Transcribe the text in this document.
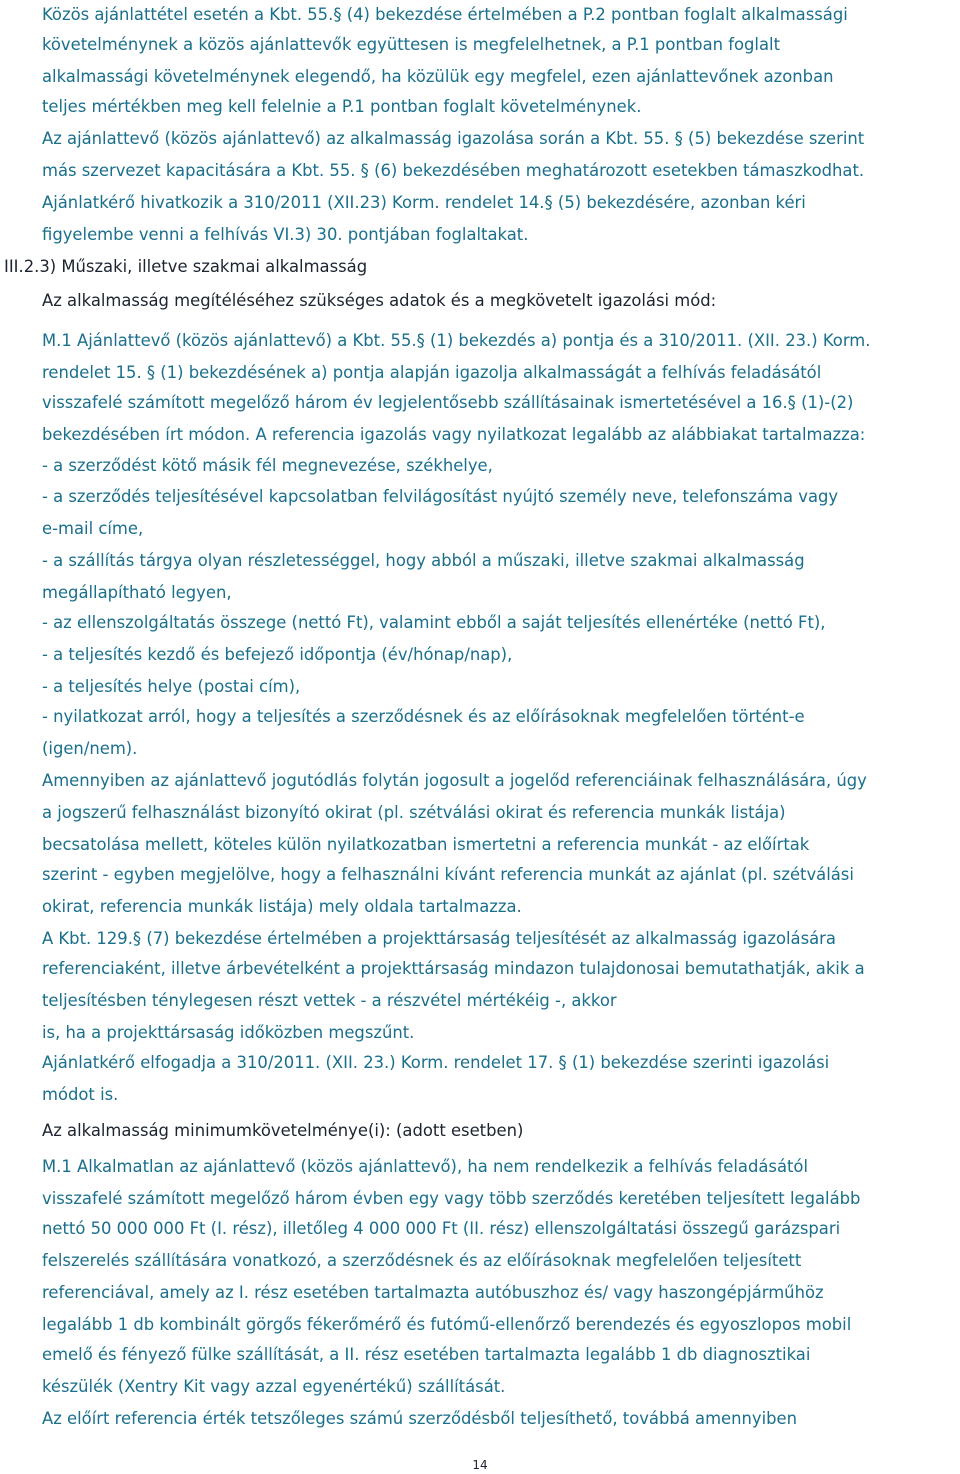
Közös ajánlattétel esetén a Kbt. 55.§ (4) bekezdése értelmében a P.2 pontban foglalt alkalmassági
követelménynek a közös ajánlattevők együttesen is megfelelhetnek, a P.1 pontban foglalt
alkalmassági követelménynek elegendő, ha közülük egy megfelel, ezen ajánlattevőnek azonban
teljes mértékben meg kell felelnie a P.1 pontban foglalt követelménynek.
Az ajánlattevő (közös ajánlattevő) az alkalmasság igazolása során a Kbt. 55. § (5) bekezdése szerint
más szervezet kapacitására a Kbt. 55. § (6) bekezdésében meghatározott esetekben támaszkodhat.
Ajánlatkérő hivatkozik a 310/2011 (XII.23) Korm. rendelet 14.§ (5) bekezdésére, azonban kéri
figyelembe venni a felhívás VI.3) 30. pontjában foglaltakat.
III.2.3) Műszaki, illetve szakmai alkalmasság
Az alkalmasság megítéléséhez szükséges adatok és a megkövetelt igazolási mód:
M.1 Ajánlattevő (közös ajánlattevő) a Kbt. 55.§ (1) bekezdés a) pontja és a 310/2011. (XII. 23.) Korm.
rendelet 15. § (1) bekezdésének a) pontja alapján igazolja alkalmasságát a felhívás feladásától
visszafelé számított megelőző három év legjelentősebb szállításainak ismertetésével a 16.§ (1)-(2)
bekezdésében írt módon. A referencia igazolás vagy nyilatkozat legalább az alábbiakat tartalmazza:
- a szerződést kötő másik fél megnevezése, székhelye,
- a szerződés teljesítésével kapcsolatban felvilágosítást nyújtó személy neve, telefonszáma vagy
e-mail címe,
- a szállítás tárgya olyan részletességgel, hogy abból a műszaki, illetve szakmai alkalmasság
megállapítható legyen,
- az ellenszolgáltatás összege (nettó Ft), valamint ebből a saját teljesítés ellenértéke (nettó Ft),
- a teljesítés kezdő és befejező időpontja (év/hónap/nap),
- a teljesítés helye (postai cím),
- nyilatkozat arról, hogy a teljesítés a szerződésnek és az előírásoknak megfelelően történt-e
(igen/nem).
Amennyiben az ajánlattevő jogutódlás folytán jogosult a jogelőd referenciáinak felhasználására, úgy
a jogszerű felhasználást bizonyító okirat (pl. szétválási okirat és referencia munkák listája)
becsatolása mellett, köteles külön nyilatkozatban ismertetni a referencia munkát - az előírtak
szerint - egyben megjelölve, hogy a felhasználni kívánt referencia munkát az ajánlat (pl. szétválási
okirat, referencia munkák listája) mely oldala tartalmazza.
A Kbt. 129.§ (7) bekezdése értelmében a projekttársaság teljesítését az alkalmasság igazolására
referenciaként, illetve árbevételként a projekttársaság mindazon tulajdonosai bemutathatják, akik a
teljesítésben ténylegesen részt vettek - a részvétel mértékéig -, akkor
is, ha a projekttársaság időközben megszűnt.
Ajánlatkérő elfogadja a 310/2011. (XII. 23.) Korm. rendelet 17. § (1) bekezdése szerinti igazolási
módot is.
Az alkalmasság minimumkövetelménye(i): (adott esetben)
M.1 Alkalmatlan az ajánlattevő (közös ajánlattevő), ha nem rendelkezik a felhívás feladásától
visszafelé számított megelőző három évben egy vagy több szerződés keretében teljesített legalább
nettó 50 000 000 Ft (I. rész), illetőleg 4 000 000 Ft (II. rész) ellenszolgáltatási összegű garázspari
felszerelés szállítására vonatkozó, a szerződésnek és az előírásoknak megfelelően teljesített
referenciával, amely az I. rész esetében tartalmazta autóbuszhoz és/ vagy haszongépjárműhöz
legalább 1 db kombinált görgős fékerőmérő és futómű-ellenőrző berendezés és egyoszlopos mobil
emelő és fényező fülke szállítását, a II. rész esetében tartalmazta legalább 1 db diagnosztikai
készülék (Xentry Kit vagy azzal egyenértékű) szállítását.
Az előírt referencia érték tetszőleges számú szerződésből teljesíthető, továbbá amennyiben
14
